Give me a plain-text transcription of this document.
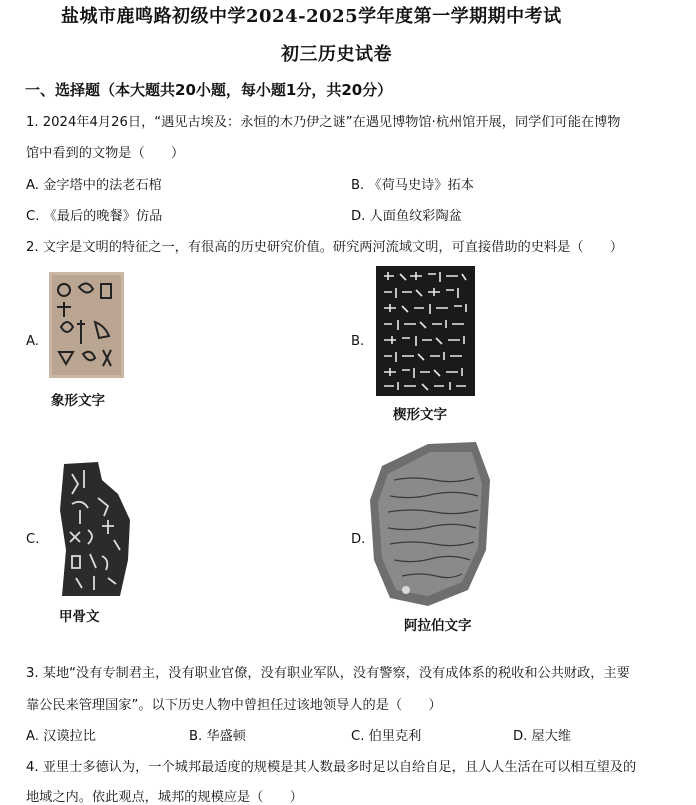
盐城市鹿鸣路初级中学2024-2025学年度第一学期期中考试
初三历史试卷
一、选择题（本大题共20小题，每小题1分，共20分）
1. 2024年4月26日，“遇见古埃及：永恒的木乃伊之谜”在遇见博物馆·杭州馆开展，同学们可能在博物
馆中看到的文物是（　　）
A. 金字塔中的法老石棺	B. 《荷马史诗》拓本
C. 《最后的晚餐》仿品	D. 人面鱼纹彩陶盆
2. 文字是文明的特征之一，有很高的历史研究价值。研究两河流域文明，可直接借助的史料是（　　）
A.
象形文字
B.
楔形文字
C.
甲骨文
D.
阿拉伯文字
3. 某地“没有专制君主，没有职业官僚，没有职业军队，没有警察，没有成体系的税收和公共财政，主要
靠公民来管理国家”。以下历史人物中曾担任过该地领导人的是（　　）
A. 汉谟拉比	B. 华盛顿	C. 伯里克利	D. 屋大维
4. 亚里士多德认为，一个城邦最适度的规模是其人数最多时足以自给自足，且人人生活在可以相互望及的
地域之内。依此观点，城邦的规模应是（　　）
